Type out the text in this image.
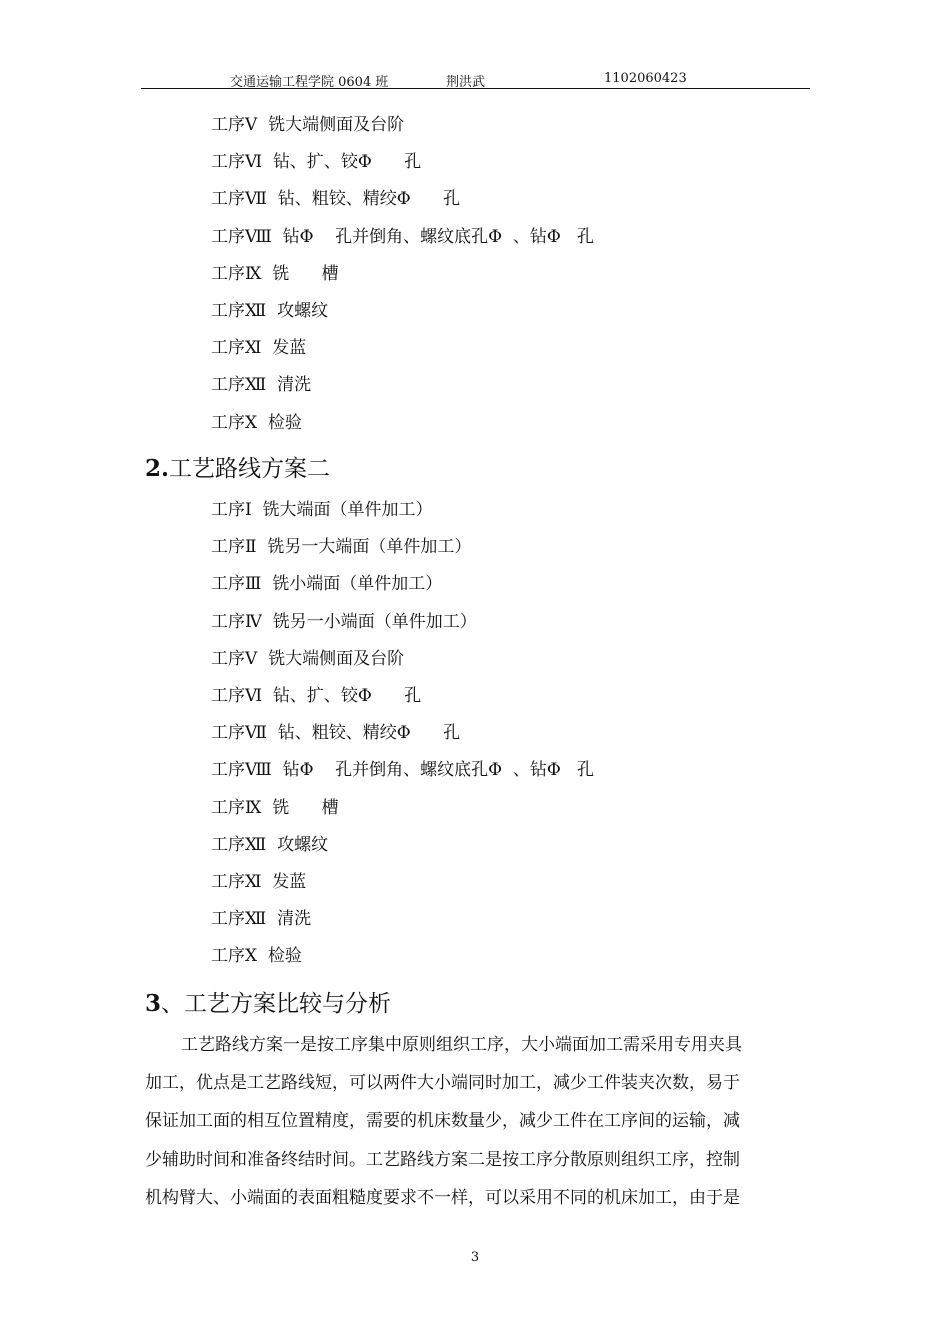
交通运输工程学院 0604 班	荆洪武	1102060423
工序Ⅴ  铣大端侧面及台阶
工序Ⅵ  钻、扩、铰Φ      孔
工序Ⅶ  钻、粗铰、精绞Φ      孔
工序Ⅷ  钻Φ    孔并倒角、螺纹底孔Φ  、钻Φ   孔
工序Ⅸ  铣      槽
工序Ⅻ  攻螺纹
工序Ⅺ  发蓝
工序Ⅻ  清洗
工序Ⅹ  检验
2.工艺路线方案二
工序Ⅰ  铣大端面（单件加工）
工序Ⅱ  铣另一大端面（单件加工）
工序Ⅲ  铣小端面（单件加工）
工序Ⅳ  铣另一小端面（单件加工）
工序Ⅴ  铣大端侧面及台阶
工序Ⅵ  钻、扩、铰Φ      孔
工序Ⅶ  钻、粗铰、精绞Φ      孔
工序Ⅷ  钻Φ    孔并倒角、螺纹底孔Φ  、钻Φ   孔
工序Ⅸ  铣      槽
工序Ⅻ  攻螺纹
工序Ⅺ  发蓝
工序Ⅻ  清洗
工序Ⅹ  检验
3、工艺方案比较与分析
工艺路线方案一是按工序集中原则组织工序，大小端面加工需采用专用夹具
加工，优点是工艺路线短，可以两件大小端同时加工，减少工件装夹次数，易于
保证加工面的相互位置精度，需要的机床数量少，减少工件在工序间的运输，减
少辅助时间和准备终结时间。工艺路线方案二是按工序分散原则组织工序，控制
机构臂大、小端面的表面粗糙度要求不一样，可以采用不同的机床加工，由于是
3
